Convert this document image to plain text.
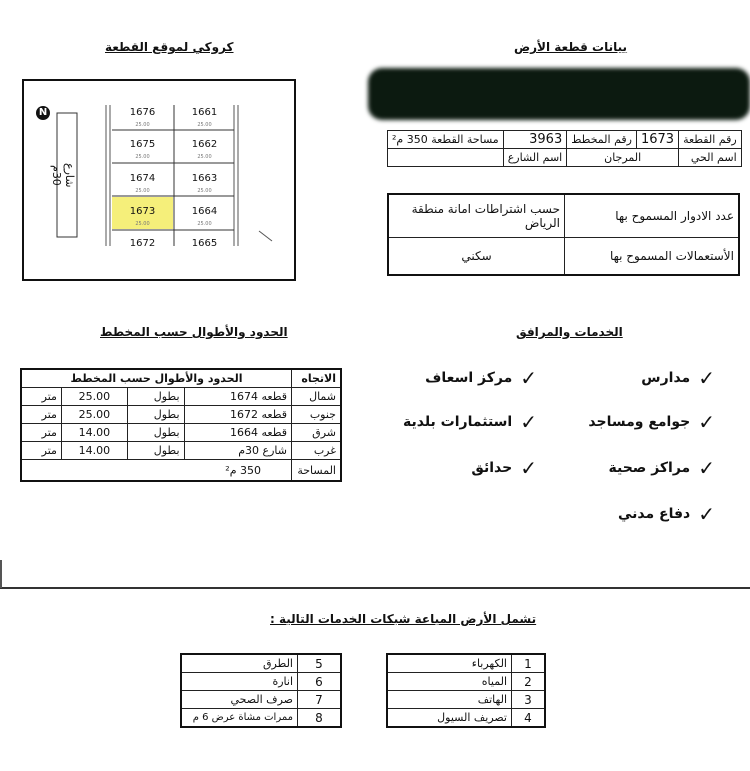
كروكي لموقع القطعة
N
شارع 30م
1676
25.00
1661
25.00
1675
25.00
1662
25.00
1674
25.00
1663
25.00
1673
25.00
1664
25.00
1672	1665
بيانات قطعة الأرض
رقم القطعة	1673	رقم المخطط	3963	مساحة القطعة 350 م²
اسم الحي	المرجان		اسم الشارع	
عدد الادوار المسموح بها	حسب اشتراطات امانة منطقة الرياض
الأستعمالات المسموح بها	سكني
الحدود والأطوال حسب المخطط
الاتجاه	الحدود والأطوال حسب المخطط			
شمال	قطعه 1674	بطول	25.00	متر
جنوب	قطعه 1672	بطول	25.00	متر
شرق	قطعه 1664	بطول	14.00	متر
غرب	شارع 30م	بطول	14.00	متر
المساحة	350 م²			
الخدمات والمرافق
✓
مدارس
✓
مركز اسعاف
✓
جوامع ومساجد
✓
استثمارات بلدية
✓
مراكز صحية
✓
حدائق
✓
دفاع مدني
تشمل الأرض المباعة شبكات الخدمات التالية :
1	الكهرباء
2	المياه
3	الهاتف
4	تصريف السيول
5	الطرق
6	انارة
7	صرف الصحي
8	ممرات مشاة عرض 6 م
